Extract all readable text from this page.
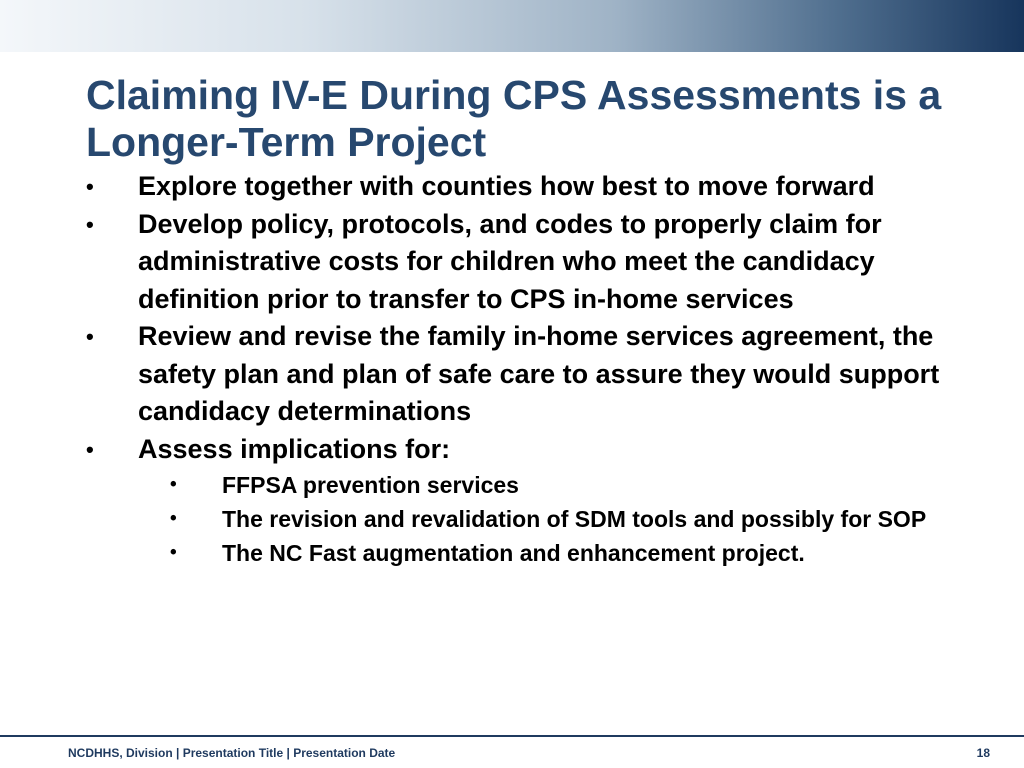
Claiming IV-E During CPS Assessments is a Longer-Term Project
• Explore together with counties how best to move forward
• Develop policy, protocols, and codes to properly claim for administrative costs for children who meet the candidacy definition prior to transfer to CPS in-home services
• Review and revise the family in-home services agreement, the safety plan and plan of safe care to assure they would support candidacy determinations
• Assess implications for:
• FFPSA prevention services
• The revision and revalidation of SDM tools and possibly for SOP
• The NC Fast augmentation and enhancement project.
NCDHHS, Division | Presentation Title | Presentation Date	18
